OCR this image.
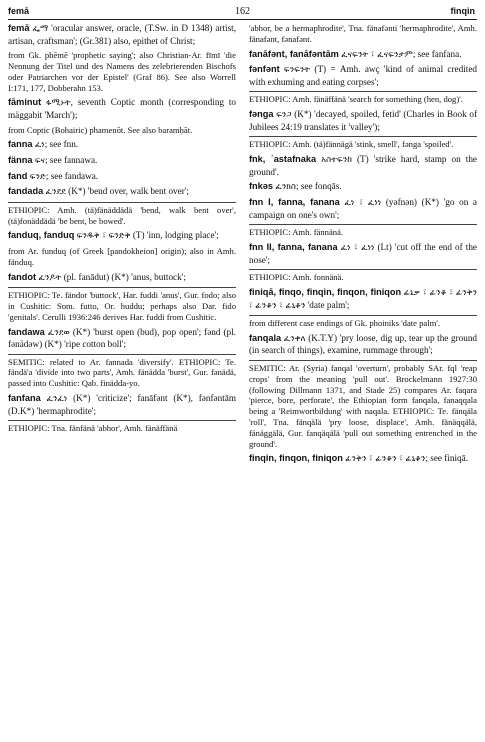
femā	162	finqin
femā ፌማ 'oracular answer, oracle, (T.Sw. in D 1348) artist, artisan, craftsman'; (Gr.381) also, epithet of Christ;
from Gk. phēmē 'prophetic saying'; also Christian-Ar. fīmī 'die Nennung der Titel und des Namens des zelebrierenden Bischofs oder Patriarchen vor der Epistel' (Graf 86). See also Worrell I:171, 177, Dobberahn 153.
fāminut ፋሚኑት, seventh Coptic month (corresponding to mäggabit 'March');
from Coptic (Bohairic) phamenōt. See also baramḥāt.
fanna ፈነ; see fnn.
fänna ፍና; see fannawa.
fand ፍንድ; see fandawa.
fandada ፈንደደ (K*) 'bend over, walk bent over';
ETHIOPIC: Amh. (tä)fänäddädä 'bend, walk bent over', (tä)fonäddädä 'be bent, be bowed'.
fanduq, fanduq ፍንዱቅ ፣ ፍንድቅ (T) 'inn, lodging place';
from Ar. funduq (of Greek [pandokheion] origin); also in Amh. fänduq.
fandot ፈንዶት (pl. fanādut) (K*) 'anus, buttock';
ETHIOPIC: Te. fändot 'buttock', Har. fuddi 'anus', Gur. fodo; also in Cushitic: Som. futto, Or. huddu; perhaps also Dar. fido 'genitals'. Cerulli 1936:246 derives Har. fuddi from Cushitic.
fandawa ፈንደወ (K*) 'burst open (bud), pop open'; fənd (pl. fənädəw) (K*) 'ripe cotton boll';
SEMITIC: related to Ar. fannada 'diversify'. ETHIOPIC: Te. fändä'a 'divide into two parts', Amh. fänädda 'burst', Gur. fənädä, passed into Cushitic: Qab. finädda-yo.
fanfana ፈንፈነ (K*) 'criticize'; fanāfənt (K*), fənfəntām (D.K*) 'hermaphrodite';
ETHIOPIC: Tna. fänfänä 'abhor', Amh. fänäffänä
'abhor, be a hermaphrodite', Tna. fänafənti 'hermaphrodite', Amh. fänafənt, fənafənt.
fanāfənt, fanāfəntām ፈናፍንት ፣ ፈናፍንታም; see fanfana.
fənfənt ፍንፍንት (T) = Amh. awç 'kind of animal credited with exhuming and eating corpses';
ETHIOPIC: Amh. fänäffänä 'search for something (hen, dog)'.
fənga ፍንጋ (K*) 'decayed, spoiled, fetid' (Charles in Book of Jubilees 24:19 translates it 'valley');
ETHIOPIC: Amh. (tä)fännägä 'stink, smell', fənga 'spoiled'.
fnk, ʾastafnaka አስተፍንከ (T) 'strike hard, stamp on the ground'.
fnkəs ፈንክስ; see fonqās.
fnn I, fanna, fanana ፈነ ፣ ፈነነ (yəfnən) (K*) 'go on a campaign on one's own';
ETHIOPIC: Amh. fännänä.
fnn II, fanna, fanana ፈነ ፣ ፈነነ (Lt) 'cut off the end of the nose';
ETHIOPIC: Amh. fonnänä.
finiqā, finqo, finqin, finqon, finiqon ፊኒቃ ፣ ፊንቆ ፣ ፊንቅን ፣ ፊንቆን ፣ ፊኒቆን 'date palm';
from different case endings of Gk. phoiniks 'date palm'.
fanqala ፈንቀለ (K.T.Y) 'pry loose, dig up, tear up the ground (in search of things), examine, rummage through';
SEMITIC: Ar. (Syria) fanqal 'overturn', probably SAr. fql 'reap crops' from the meaning 'pull out'. Brockelmann 1927:30 (following Dillmann 1371, and Stade 25) compares Ar. faqara 'pierce, bore, perforate', the Ethiopian form fanqala, fanaqqala being a 'Reimwortbildung' with naqala. ETHIOPIC: Te. fänqäla 'roll', Tna. fänqälä 'pry loose, displace', Amh. fänäqqälä, fänäggälä, Gur. fanqäqälä 'pull out something entrenched in the ground'.
finqin, finqon, finiqon ፊንቅን ፣ ፊንቆን ፣ ፊኒቆን; see finiqā.
